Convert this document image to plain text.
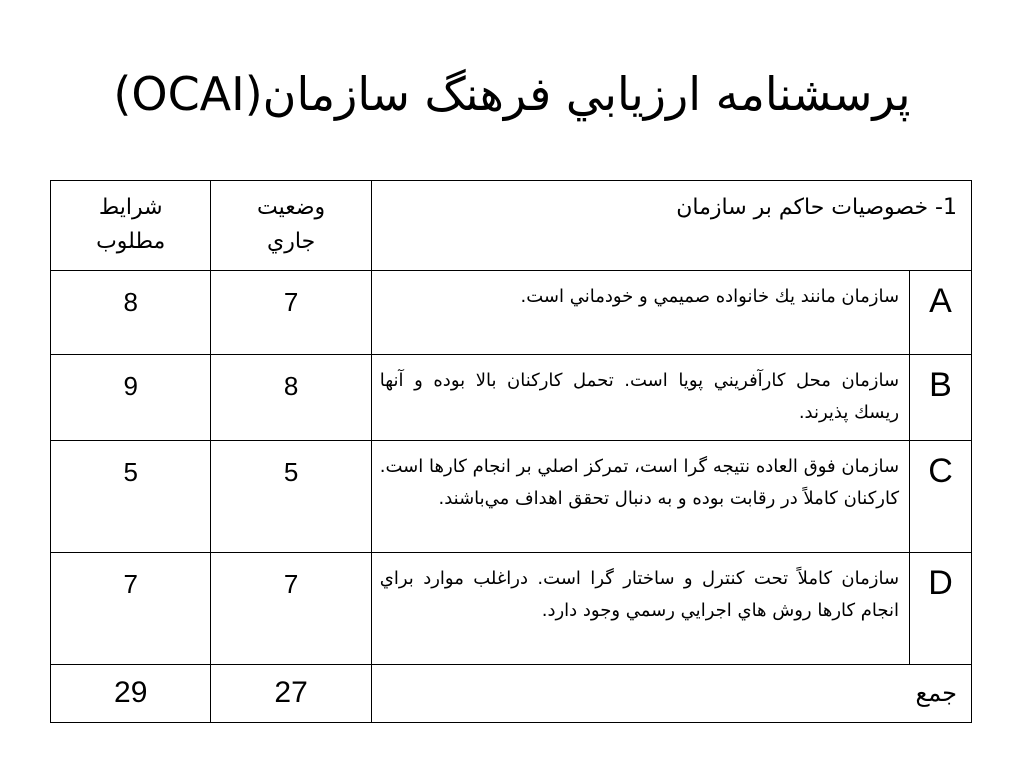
پرسشنامه ارزيابي فرهنگ سازمان(OCAI)
1- خصوصيات حاكم بر سازمان		وضعيت جاري	شرايط مطلوب
A	سازمان مانند يك خانواده صميمي و خودماني است.	7	8
B	سازمان محل كارآفريني پويا است. تحمل كاركنان بالا بوده و آنها ريسك پذيرند.	8	9
C	سازمان فوق العاده نتيجه گرا است، تمركز اصلي بر انجام كارها است. كاركنان كاملاً در رقابت بوده و به دنبال تحقق اهداف مي‌باشند.	5	5
D	سازمان كاملاً تحت كنترل و ساختار گرا است. دراغلب موارد براي انجام كارها روش هاي اجرايي رسمي وجود دارد.	7	7
جمع		27	29
